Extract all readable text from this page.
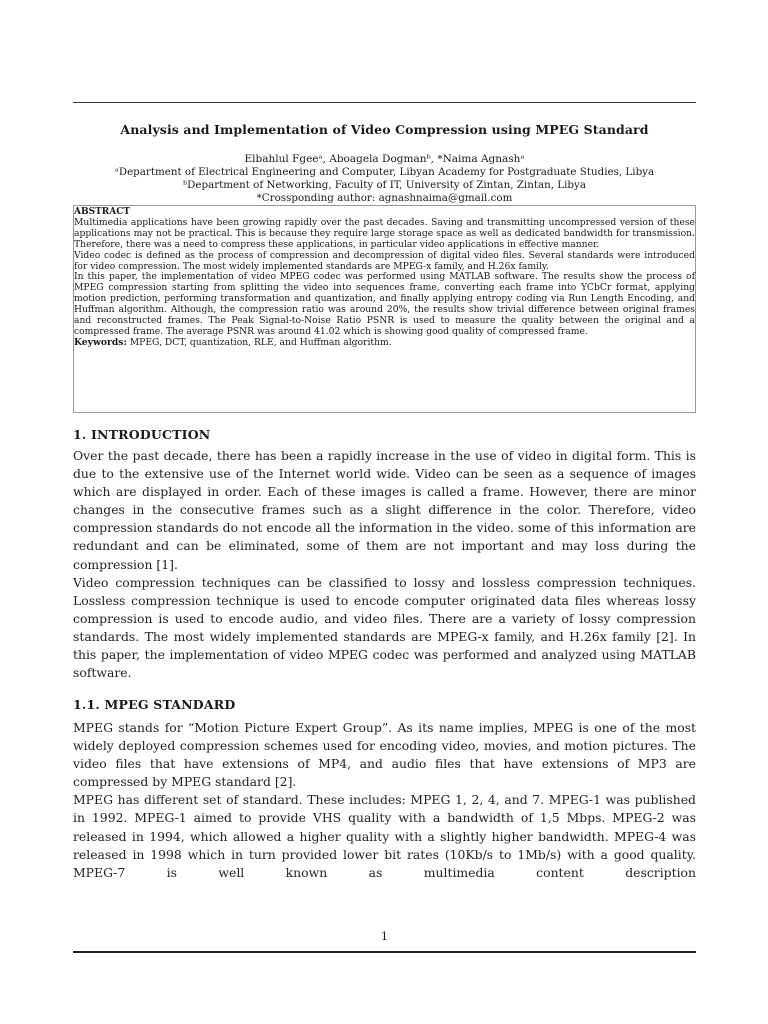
Analysis and Implementation of Video Compression using MPEG Standard
Elbahlul Fgeeᵃ, Aboagela Dogmanᵇ, *Naima Agnashᵃ
ᵃDepartment of Electrical Engineering and Computer, Libyan Academy for Postgraduate Studies, Libya
ᵇDepartment of Networking, Faculty of IT, University of Zintan, Zintan, Libya
*Crossponding author: agnashnaima@gmail.com
ABSTRACT

Multimedia applications have been growing rapidly over the past decades. Saving and transmitting uncompressed version of these applications may not be practical. This is because they require large storage space as well as dedicated bandwidth for transmission. Therefore, there was a need to compress these applications, in particular video applications in effective manner.

Video codec is defined as the process of compression and decompression of digital video files. Several standards were introduced for video compression. The most widely implemented standards are MPEG-x family, and H.26x family.

In this paper, the implementation of video MPEG codec was performed using MATLAB software. The results show the process of MPEG compression starting from splitting the video into sequences frame, converting each frame into YCbCr format, applying motion prediction, performing transformation and quantization, and finally applying entropy coding via Run Length Encoding, and Huffman algorithm. Although, the compression ratio was around 20%, the results show trivial difference between original frames and reconstructed frames. The Peak Signal-to-Noise Ratio PSNR is used to measure the quality between the original and a compressed frame. The average PSNR was around 41.02 which is showing good quality of compressed frame.

Keywords: MPEG, DCT, quantization, RLE, and Huffman algorithm.

1. INTRODUCTION

Over the past decade, there has been a rapidly increase in the use of video in digital form. This is due to the extensive use of the Internet world wide. Video can be seen as a sequence of images which are displayed in order. Each of these images is called a frame. However, there are minor changes in the consecutive frames such as a slight difference in the color. Therefore, video compression standards do not encode all the information in the video. some of this information are redundant and can be eliminated, some of them are not important and may loss during the compression [1].

Video compression techniques can be classified to lossy and lossless compression techniques. Lossless compression technique is used to encode computer originated data files whereas lossy compression is used to encode audio, and video files. There are a variety of lossy compression standards. The most widely implemented standards are MPEG-x family, and H.26x family [2]. In this paper, the implementation of video MPEG codec was performed and analyzed using MATLAB software.

1.1. MPEG STANDARD

MPEG stands for “Motion Picture Expert Group”. As its name implies, MPEG is one of the most widely deployed compression schemes used for encoding video, movies, and motion pictures. The video files that have extensions of MP4, and audio files that have extensions of MP3 are compressed by MPEG standard [2].

MPEG has different set of standard. These includes: MPEG 1, 2, 4, and 7. MPEG-1 was published in 1992. MPEG-1 aimed to provide VHS quality with a bandwidth of 1,5 Mbps. MPEG-2 was released in 1994, which allowed a higher quality with a slightly higher bandwidth. MPEG-4 was released in 1998 which in turn provided lower bit rates (10Kb/s to 1Mb/s) with a good quality. MPEG-7 is well known as multimedia content description

1
